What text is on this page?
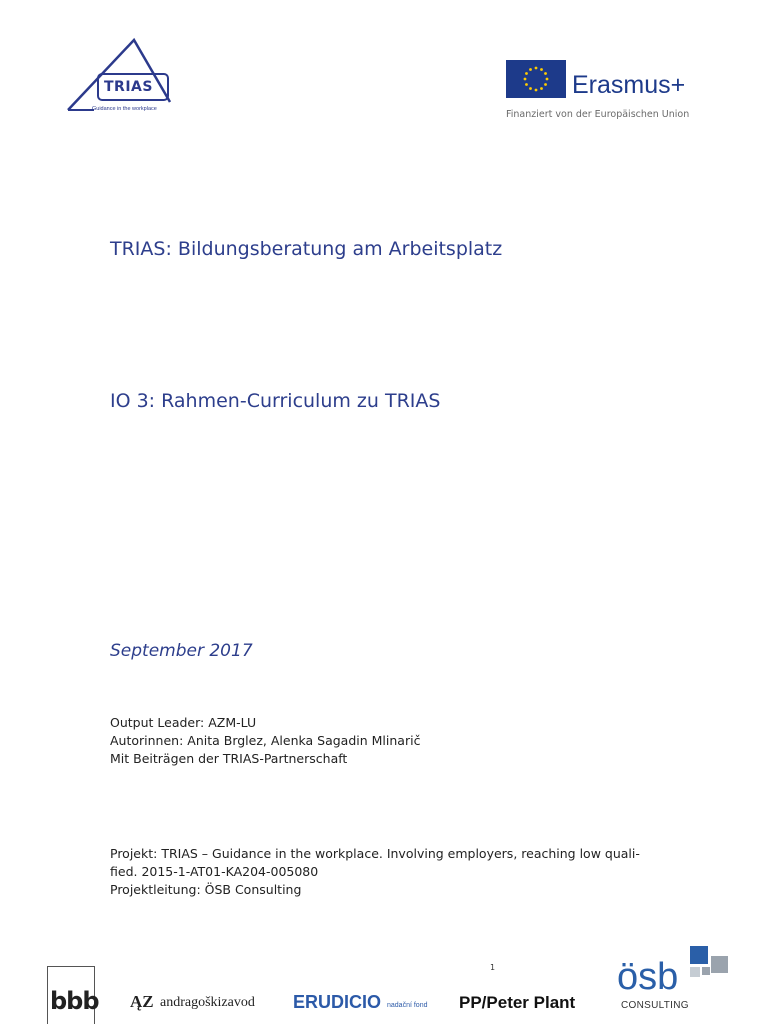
TRIAS
Guidance in the workplace
Erasmus+
Finanziert von der Europäischen Union
TRIAS: Bildungsberatung am Arbeitsplatz
IO 3: Rahmen-Curriculum zu TRIAS
September 2017
Output Leader: AZM-LU
Autorinnen: Anita Brglez, Alenka Sagadin Mlinarič
Mit Beiträgen der TRIAS-Partnerschaft
Projekt: TRIAS – Guidance in the workplace. Involving employers, reaching low quali-
fied. 2015-1-AT01-KA204-005080
Projektleitung: ÖSB Consulting
1
bbb ĄZ andragoškizavod ERUDICIO nadační fond PP/Peter Plant
ösb
CONSULTING
